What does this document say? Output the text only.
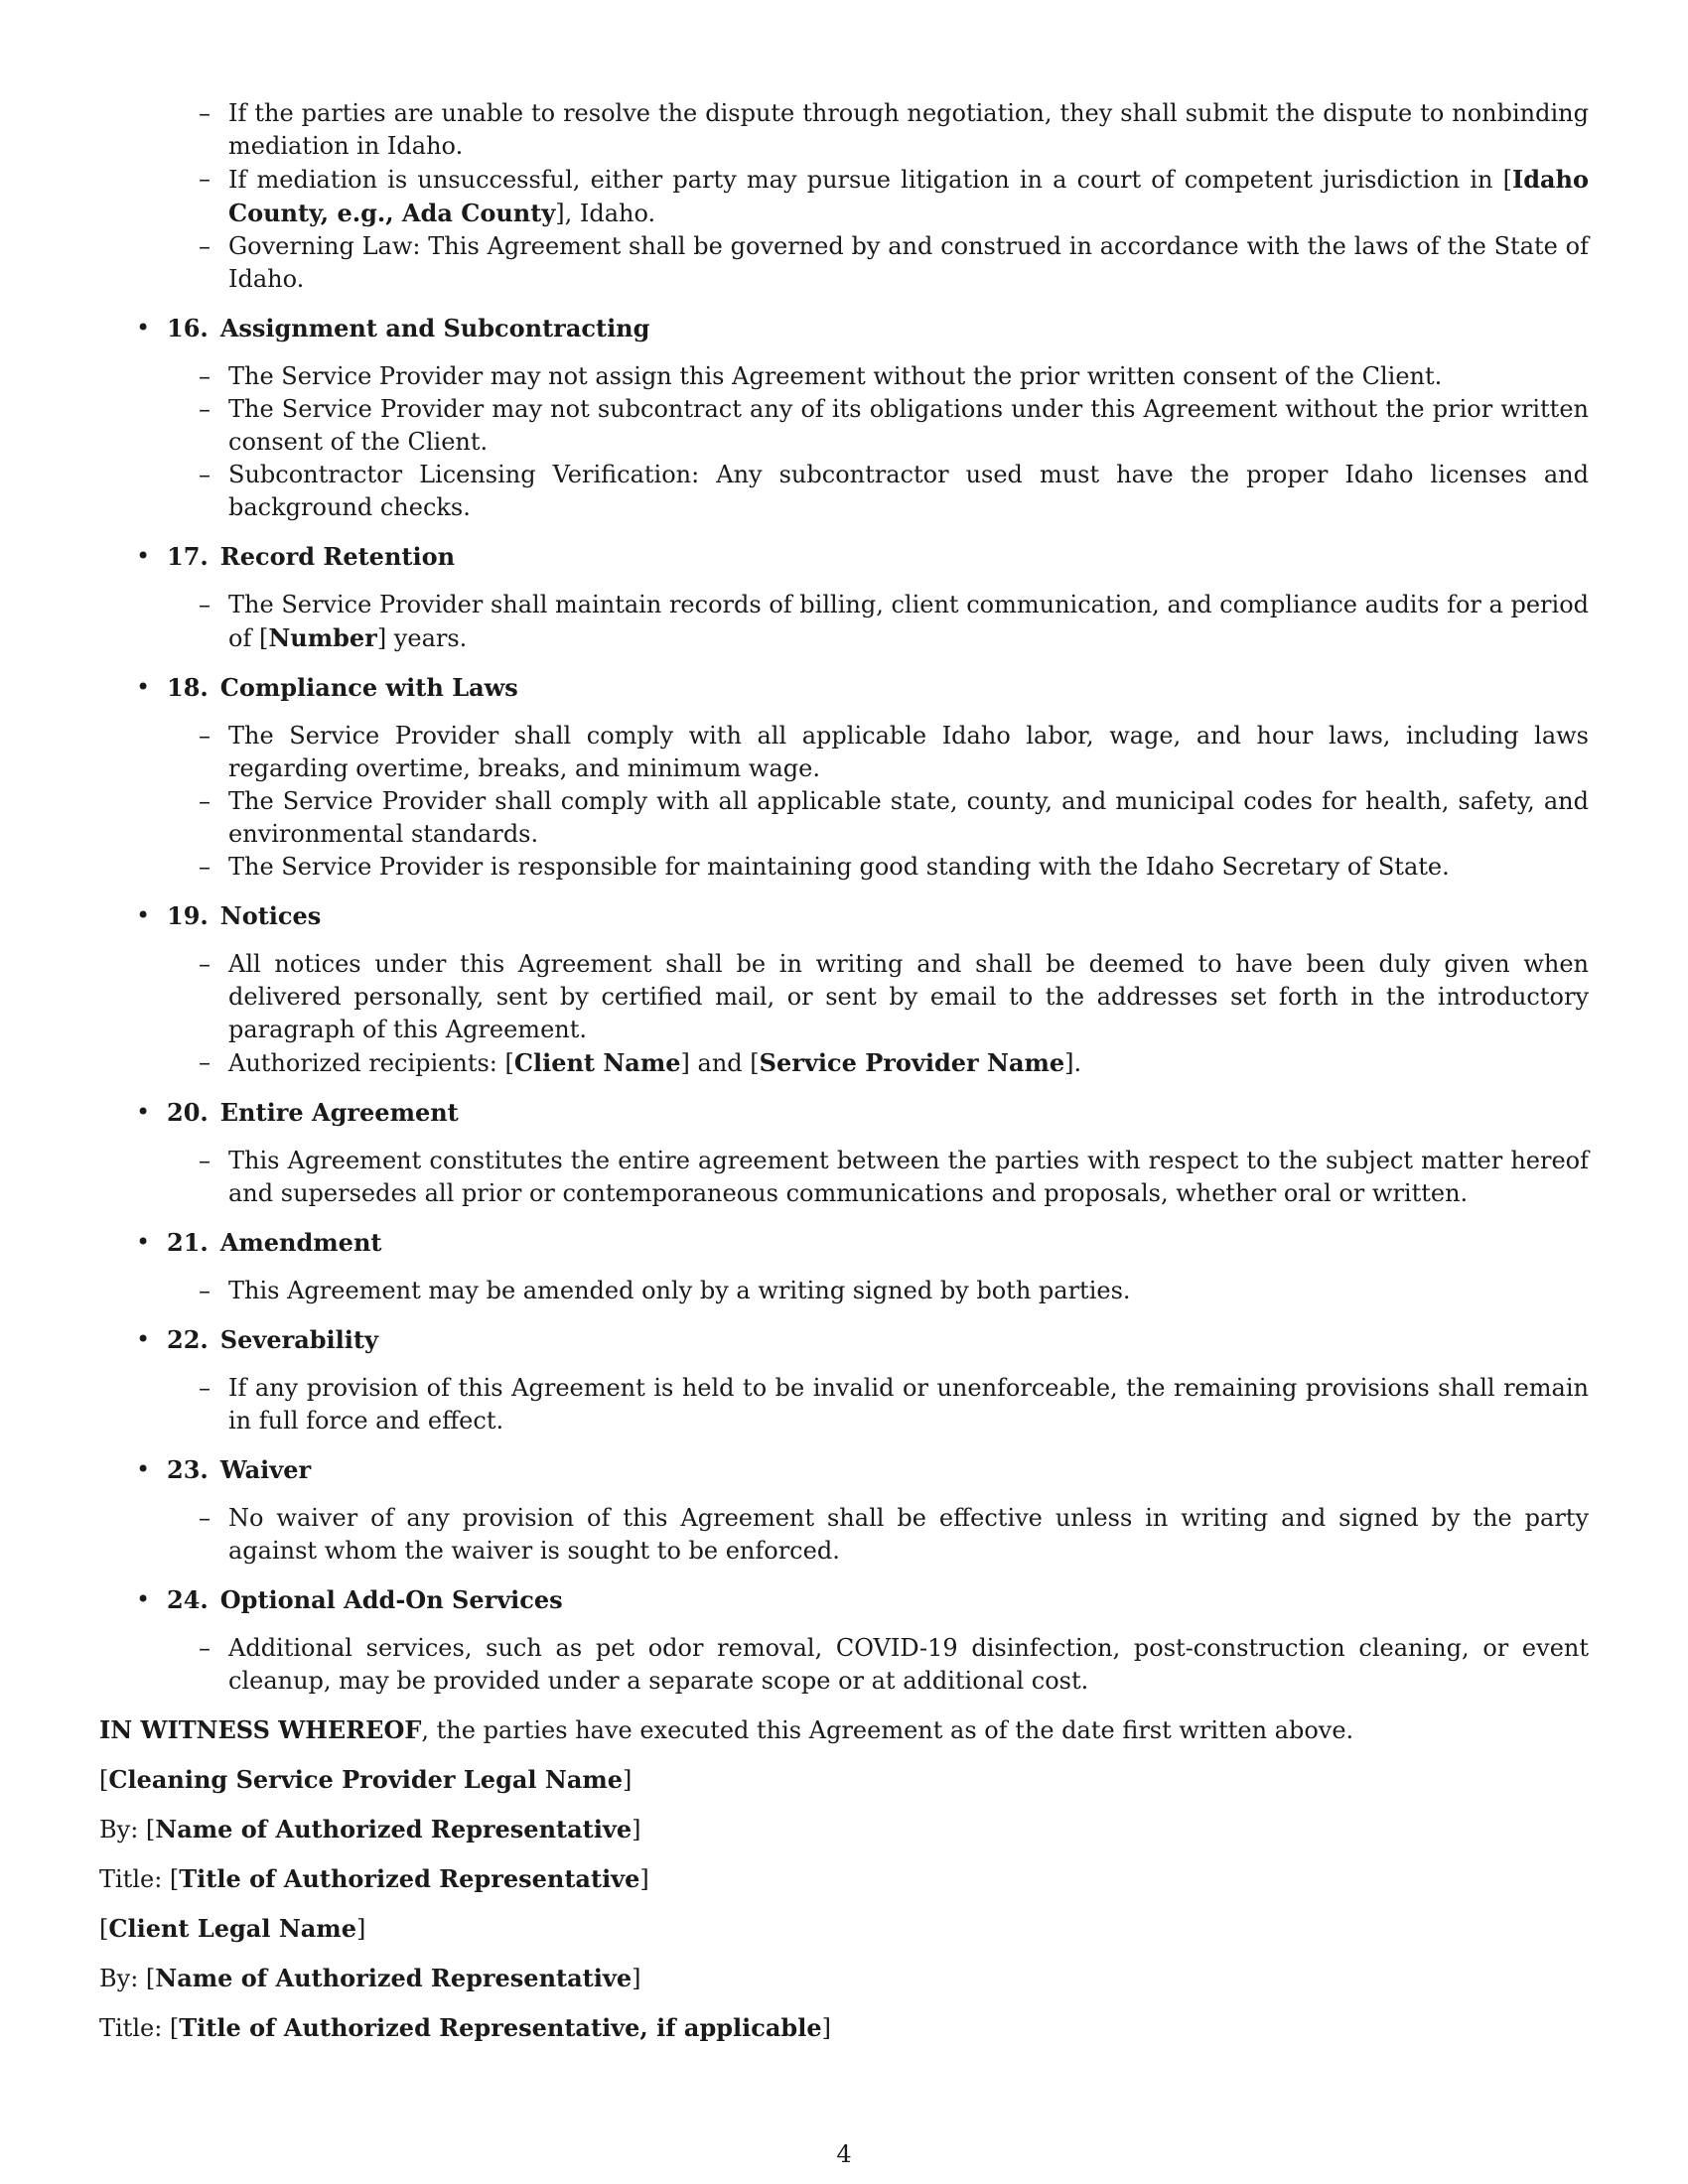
– If the parties are unable to resolve the dispute through negotiation, they shall submit the dispute to nonbinding mediation in Idaho.
– If mediation is unsuccessful, either party may pursue litigation in a court of competent jurisdiction in [Idaho County, e.g., Ada County], Idaho.
– Governing Law: This Agreement shall be governed by and construed in accordance with the laws of the State of Idaho.
• 16. Assignment and Subcontracting
– The Service Provider may not assign this Agreement without the prior written consent of the Client.
– The Service Provider may not subcontract any of its obligations under this Agreement without the prior written consent of the Client.
– Subcontractor Licensing Verification: Any subcontractor used must have the proper Idaho licenses and background checks.
• 17. Record Retention
– The Service Provider shall maintain records of billing, client communication, and compliance audits for a period of [Number] years.
• 18. Compliance with Laws
– The Service Provider shall comply with all applicable Idaho labor, wage, and hour laws, including laws regarding overtime, breaks, and minimum wage.
– The Service Provider shall comply with all applicable state, county, and municipal codes for health, safety, and environmental standards.
– The Service Provider is responsible for maintaining good standing with the Idaho Secretary of State.
• 19. Notices
– All notices under this Agreement shall be in writing and shall be deemed to have been duly given when delivered personally, sent by certified mail, or sent by email to the addresses set forth in the introductory paragraph of this Agreement.
– Authorized recipients: [Client Name] and [Service Provider Name].
• 20. Entire Agreement
– This Agreement constitutes the entire agreement between the parties with respect to the subject matter hereof and supersedes all prior or contemporaneous communications and proposals, whether oral or written.
• 21. Amendment
– This Agreement may be amended only by a writing signed by both parties.
• 22. Severability
– If any provision of this Agreement is held to be invalid or unenforceable, the remaining provisions shall remain in full force and effect.
• 23. Waiver
– No waiver of any provision of this Agreement shall be effective unless in writing and signed by the party against whom the waiver is sought to be enforced.
• 24. Optional Add-On Services
– Additional services, such as pet odor removal, COVID-19 disinfection, post-construction cleaning, or event cleanup, may be provided under a separate scope or at additional cost.
IN WITNESS WHEREOF, the parties have executed this Agreement as of the date first written above.
[Cleaning Service Provider Legal Name]
By: [Name of Authorized Representative]
Title: [Title of Authorized Representative]
[Client Legal Name]
By: [Name of Authorized Representative]
Title: [Title of Authorized Representative, if applicable]
4
